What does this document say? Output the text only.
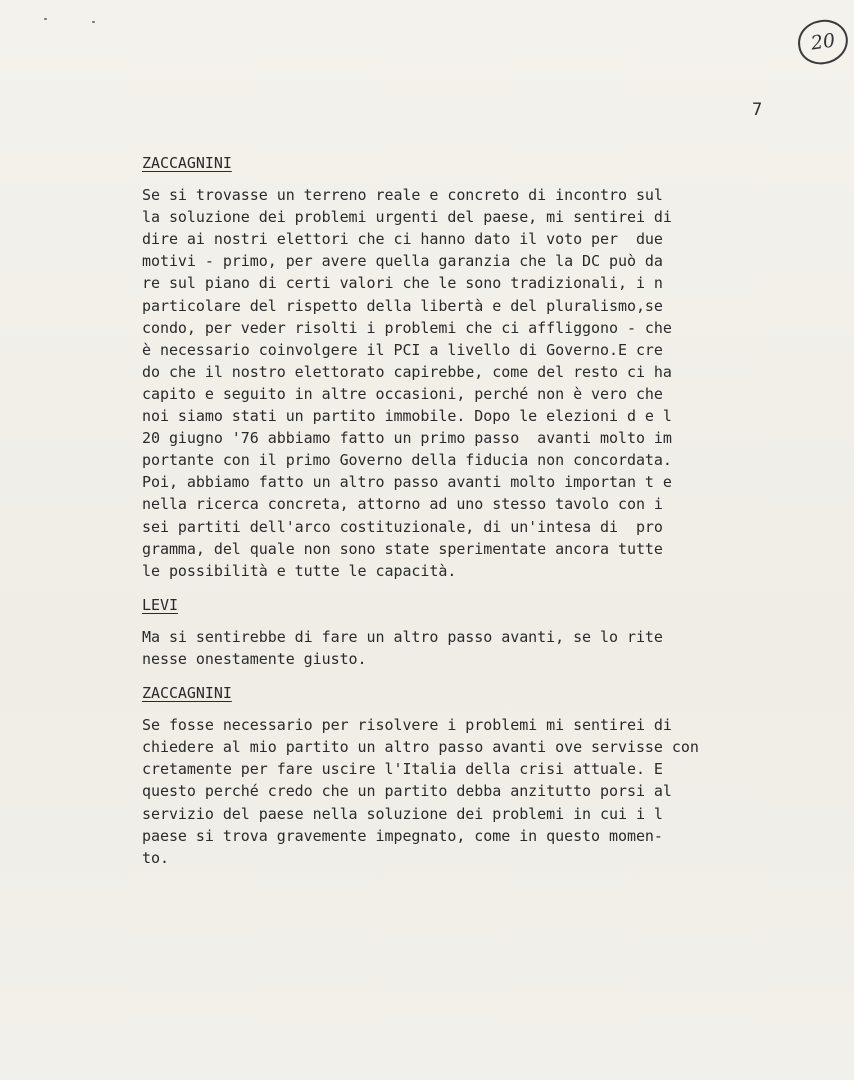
20
7

ZACCAGNINI

Se si trovasse un terreno reale e concreto di incontro sul
la soluzione dei problemi urgenti del paese, mi sentirei di
dire ai nostri elettori che ci hanno dato il voto per  due
motivi - primo, per avere quella garanzia che la DC può da
re sul piano di certi valori che le sono tradizionali, i n
particolare del rispetto della libertà e del pluralismo,se
condo, per veder risolti i problemi che ci affliggono - che
è necessario coinvolgere il PCI a livello di Governo.E cre
do che il nostro elettorato capirebbe, come del resto ci ha
capito e seguito in altre occasioni, perché non è vero che
noi siamo stati un partito immobile. Dopo le elezioni d e l
20 giugno '76 abbiamo fatto un primo passo  avanti molto im
portante con il primo Governo della fiducia non concordata.
Poi, abbiamo fatto un altro passo avanti molto importan t e
nella ricerca concreta, attorno ad uno stesso tavolo con i
sei partiti dell'arco costituzionale, di un'intesa di  pro
gramma, del quale non sono state sperimentate ancora tutte
le possibilità e tutte le capacità.

LEVI

Ma si sentirebbe di fare un altro passo avanti, se lo rite
nesse onestamente giusto.

ZACCAGNINI

Se fosse necessario per risolvere i problemi mi sentirei di
chiedere al mio partito un altro passo avanti ove servisse con
cretamente per fare uscire l'Italia della crisi attuale. E
questo perché credo che un partito debba anzitutto porsi al
servizio del paese nella soluzione dei problemi in cui i l
paese si trova gravemente impegnato, come in questo momen-
to.
